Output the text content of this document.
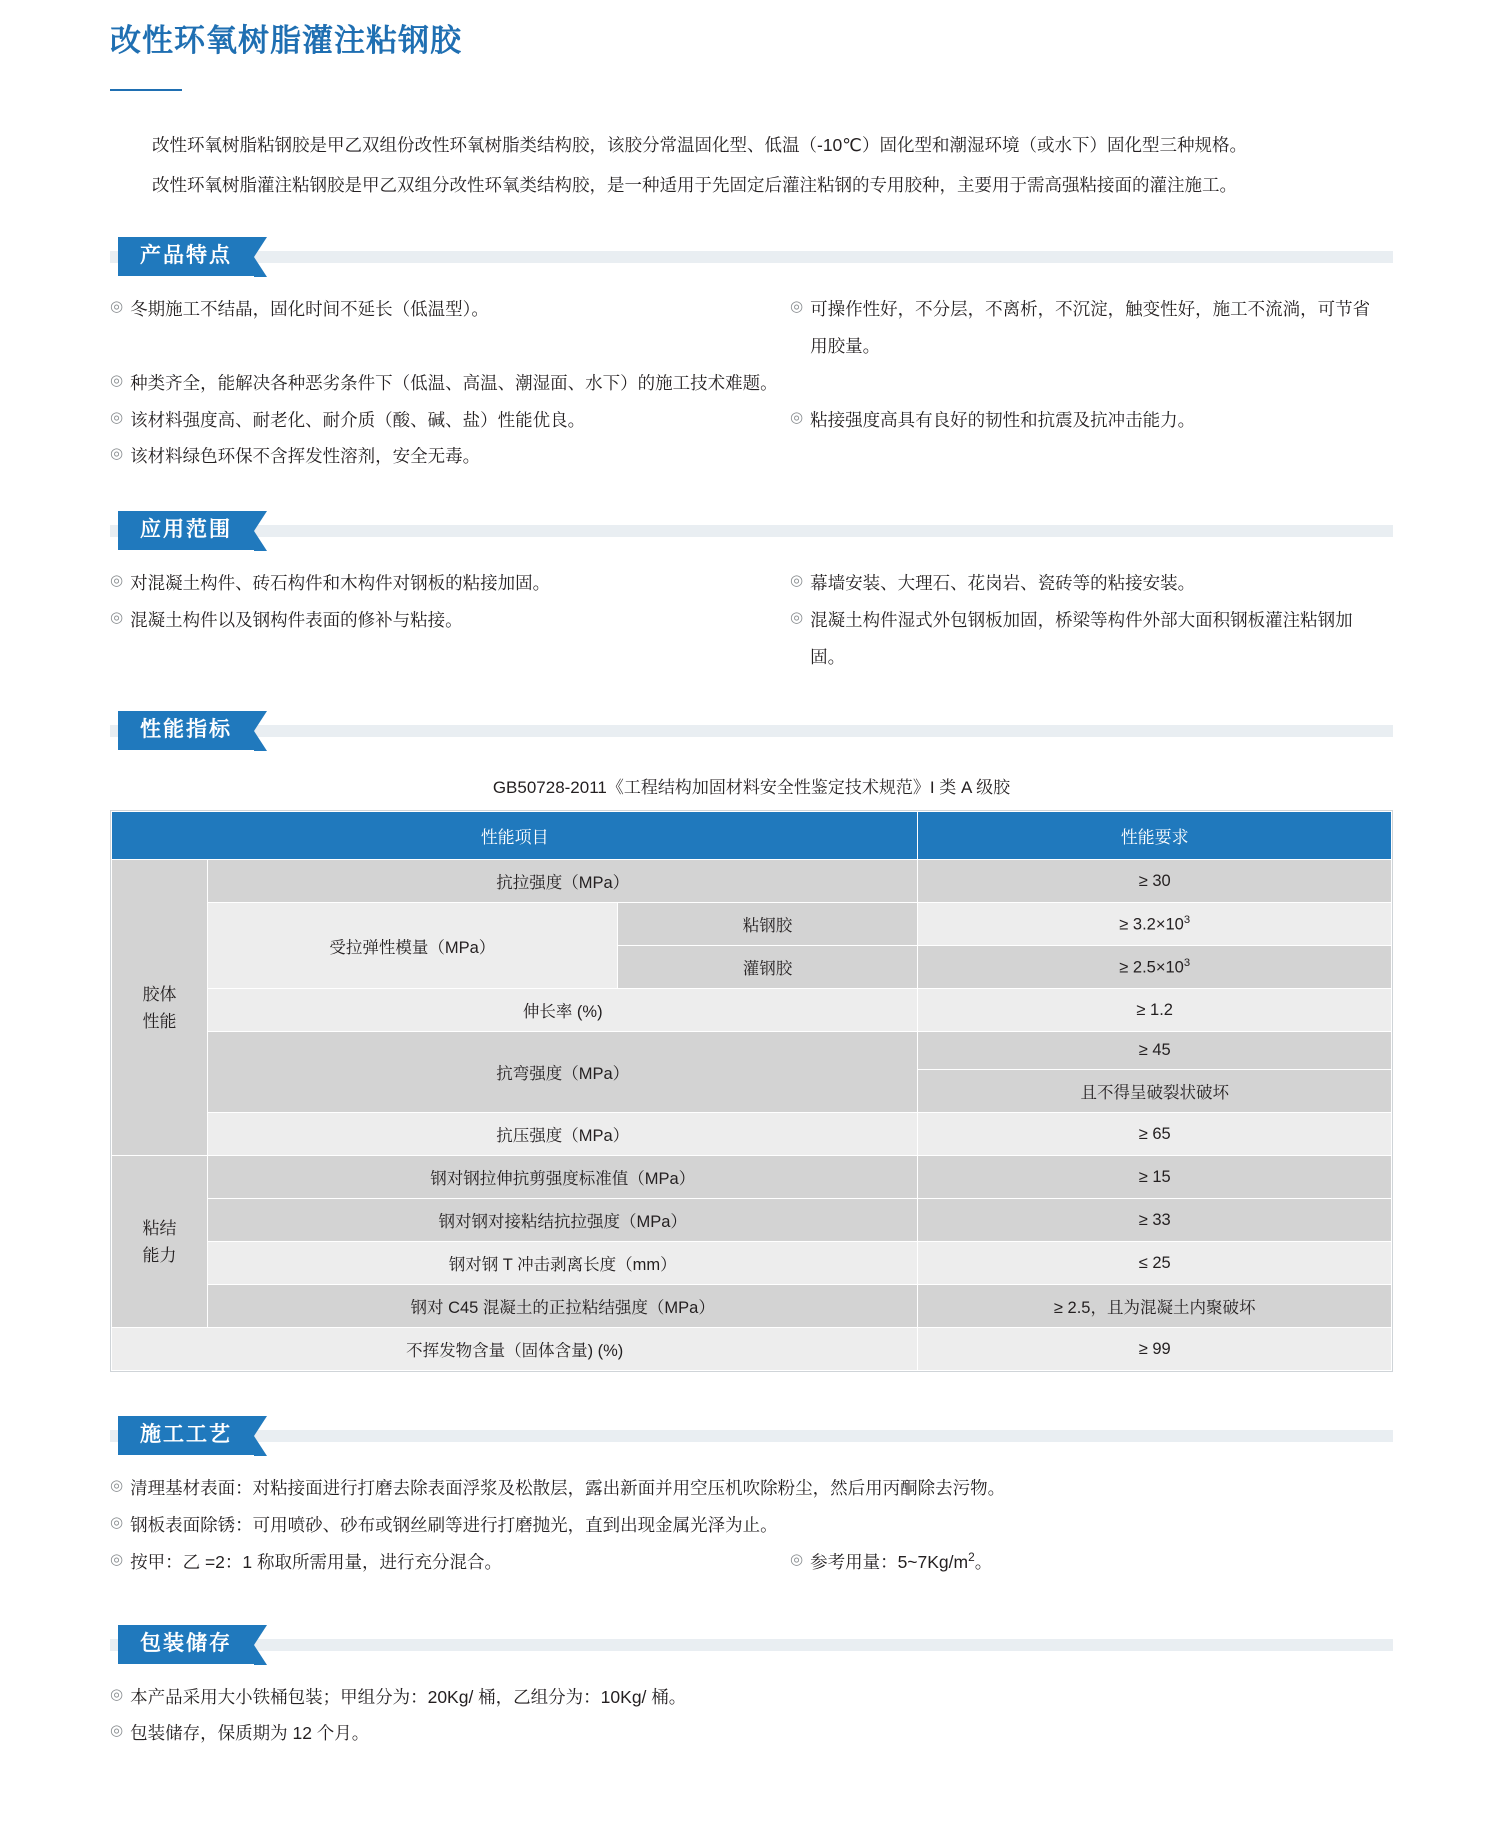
改性环氧树脂灌注粘钢胶

改性环氧树脂粘钢胶是甲乙双组份改性环氧树脂类结构胶，该胶分常温固化型、低温（-10℃）固化型和潮湿环境（或水下）固化型三种规格。

改性环氧树脂灌注粘钢胶是甲乙双组分改性环氧类结构胶，是一种适用于先固定后灌注粘钢的专用胶种，主要用于需高强粘接面的灌注施工。

产品特点
◎ 冬期施工不结晶，固化时间不延长（低温型）。	◎ 可操作性好，不分层，不离析，不沉淀，触变性好，施工不流淌，可节省用胶量。
◎ 种类齐全，能解决各种恶劣条件下（低温、高温、潮湿面、水下）的施工技术难题。
◎ 该材料强度高、耐老化、耐介质（酸、碱、盐）性能优良。	◎ 粘接强度高具有良好的韧性和抗震及抗冲击能力。
◎ 该材料绿色环保不含挥发性溶剂，安全无毒。
应用范围
◎ 对混凝土构件、砖石构件和木构件对钢板的粘接加固。	◎ 幕墙安装、大理石、花岗岩、瓷砖等的粘接安装。
◎ 混凝土构件以及钢构件表面的修补与粘接。	◎ 混凝土构件湿式外包钢板加固，桥梁等构件外部大面积钢板灌注粘钢加固。
性能指标
GB50728-2011《工程结构加固材料安全性鉴定技术规范》I 类 A 级胶
性能项目			性能要求
胶体
性能	抗拉强度（MPa）		≥ 30
	受拉弹性模量（MPa）	粘钢胶	≥ $3.2\times 10^3$
		灌钢胶	≥ $2.5\times 10^3$
	伸长率 (%)		≥ 1.2
	抗弯强度（MPa）		≥ 45
			且不得呈破裂状破坏
	抗压强度（MPa）		≥ 65
粘结
能力	钢对钢拉伸抗剪强度标准值（MPa）		≥ 15
	钢对钢对接粘结抗拉强度（MPa）		≥ 33
	钢对钢 T 冲击剥离长度（mm）		≤ 25
	钢对 C45 混凝土的正拉粘结强度（MPa）		≥ 2.5，且为混凝土内聚破坏
不挥发物含量（固体含量) (%)			≥ 99
施工工艺
◎ 清理基材表面：对粘接面进行打磨去除表面浮浆及松散层，露出新面并用空压机吹除粉尘，然后用丙酮除去污物。
◎ 钢板表面除锈：可用喷砂、砂布或钢丝刷等进行打磨抛光，直到出现金属光泽为止。
◎ 按甲：乙 =2：1 称取所需用量，进行充分混合。	◎ 参考用量：$5\sim 7Kg/m^2$。
包装储存
◎ 本产品采用大小铁桶包装；甲组分为：20Kg/ 桶，乙组分为：10Kg/ 桶。
◎ 包装储存，保质期为 12 个月。
